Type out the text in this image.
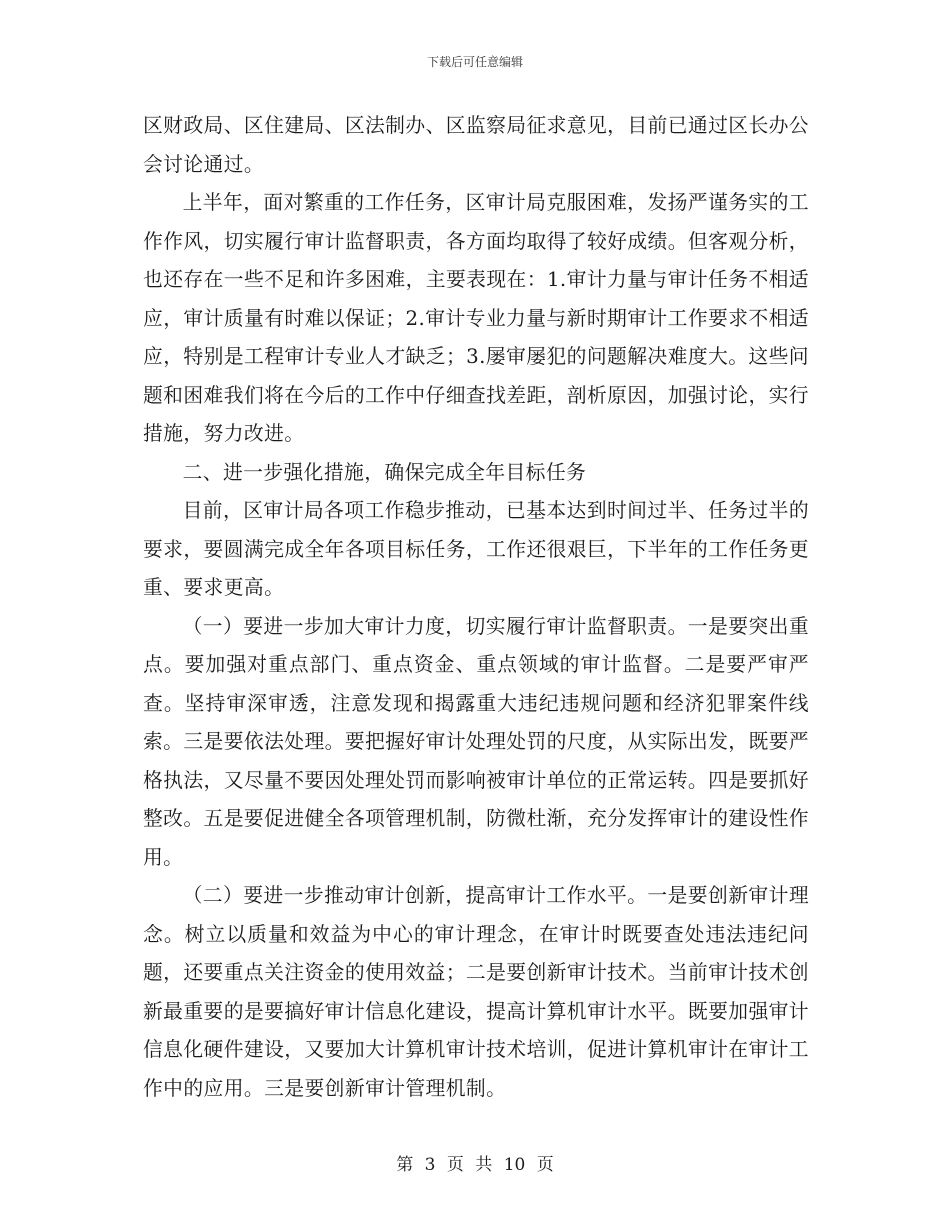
下载后可任意编辑

区财政局、区住建局、区法制办、区监察局征求意见，目前已通过区长办公会讨论通过。

上半年，面对繁重的工作任务，区审计局克服困难，发扬严谨务实的工作作风，切实履行审计监督职责，各方面均取得了较好成绩。但客观分析，也还存在一些不足和许多困难，主要表现在：1.审计力量与审计任务不相适应，审计质量有时难以保证；2.审计专业力量与新时期审计工作要求不相适应，特别是工程审计专业人才缺乏；3.屡审屡犯的问题解决难度大。这些问题和困难我们将在今后的工作中仔细查找差距，剖析原因，加强讨论，实行措施，努力改进。

二、进一步强化措施，确保完成全年目标任务

目前，区审计局各项工作稳步推动，已基本达到时间过半、任务过半的要求，要圆满完成全年各项目标任务，工作还很艰巨，下半年的工作任务更重、要求更高。

（一）要进一步加大审计力度，切实履行审计监督职责。一是要突出重点。要加强对重点部门、重点资金、重点领域的审计监督。二是要严审严查。坚持审深审透，注意发现和揭露重大违纪违规问题和经济犯罪案件线索。三是要依法处理。要把握好审计处理处罚的尺度，从实际出发，既要严格执法，又尽量不要因处理处罚而影响被审计单位的正常运转。四是要抓好整改。五是要促进健全各项管理机制，防微杜渐，充分发挥审计的建设性作用。

（二）要进一步推动审计创新，提高审计工作水平。一是要创新审计理念。树立以质量和效益为中心的审计理念，在审计时既要查处违法违纪问题，还要重点关注资金的使用效益；二是要创新审计技术。当前审计技术创新最重要的是要搞好审计信息化建设，提高计算机审计水平。既要加强审计信息化硬件建设，又要加大计算机审计技术培训，促进计算机审计在审计工作中的应用。三是要创新审计管理机制。

第 3 页 共 10 页
